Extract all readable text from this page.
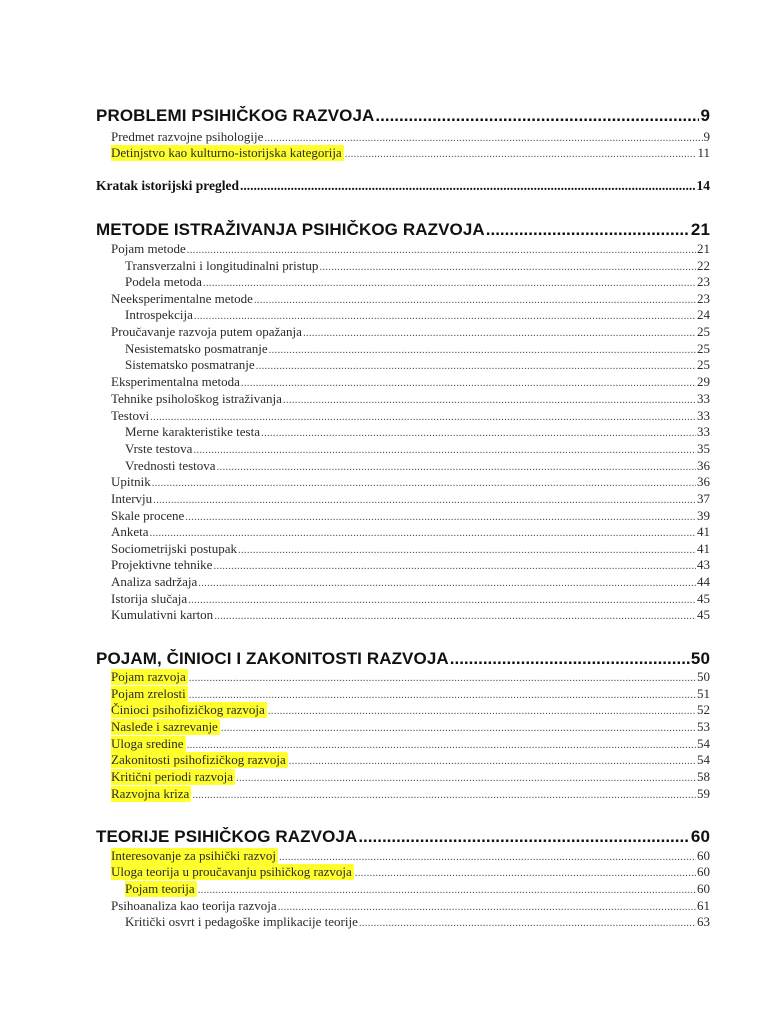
PROBLEMI PSIHIČKOG RAZVOJA .....	9
Predmet razvojne psihologije .....	9
Detinjstvo kao kulturno-istorijska kategorija .....	11
Kratak istorijski pregled .....	14
METODE ISTRAŽIVANJA PSIHIČKOG RAZVOJA .....	21
Pojam metode .....	21
Transverzalni i longitudinalni pristup .....	22
Podela metoda .....	23
Neeksperimentalne metode .....	23
Introspekcija .....	24
Proučavanje razvoja putem opažanja .....	25
Nesistematsko posmatranje .....	25
Sistematsko posmatranje .....	25
Eksperimentalna metoda .....	29
Tehnike psihološkog istraživanja .....	33
Testovi .....	33
Merne karakteristike testa .....	33
Vrste testova .....	35
Vrednosti testova .....	36
Upitnik .....	36
Intervju .....	37
Skale procene .....	39
Anketa .....	41
Sociometrijski postupak .....	41
Projektivne tehnike .....	43
Analiza sadržaja .....	44
Istorija slučaja .....	45
Kumulativni karton .....	45
POJAM, ČINIOCI I ZAKONITOSTI RAZVOJA .....	50
Pojam razvoja .....	50
Pojam zrelosti .....	51
Činioci psihofizičkog razvoja .....	52
Nasleđe i sazrevanje .....	53
Uloga sredine .....	54
Zakonitosti psihofizičkog razvoja .....	54
Kritični periodi razvoja .....	58
Razvojna kriza .....	59
TEORIJE PSIHIČKOG RAZVOJA .....	60
Interesovanje za psihički razvoj .....	60
Uloga teorija u proučavanju psihičkog razvoja .....	60
Pojam teorija .....	60
Psihoanaliza kao teorija razvoja .....	61
Kritički osvrt i pedagoške implikacije teorije .....	63
